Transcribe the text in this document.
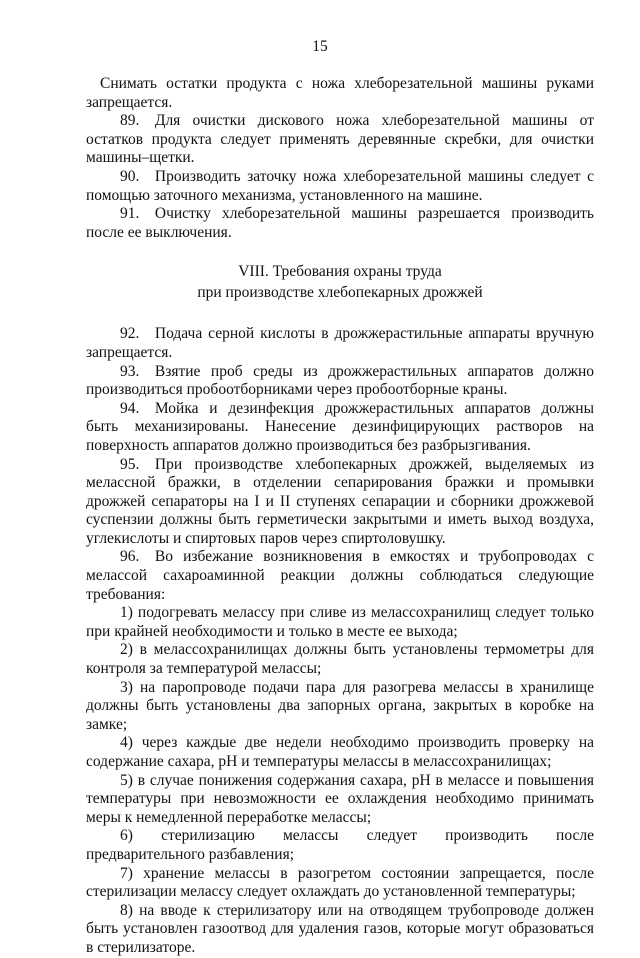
15

Снимать остатки продукта с ножа хлеборезательной машины руками запрещается.

89. Для очистки дискового ножа хлеборезательной машины от остатков продукта следует применять деревянные скребки, для очистки машины–щетки.

90. Производить заточку ножа хлеборезательной машины следует с помощью заточного механизма, установленного на машине.

91. Очистку хлеборезательной машины разрешается производить после ее выключения.

VIII. Требования охраны труда
при производстве хлебопекарных дрожжей

92. Подача серной кислоты в дрожжерастильные аппараты вручную запрещается.

93. Взятие проб среды из дрожжерастильных аппаратов должно производиться пробоотборниками через пробоотборные краны.

94. Мойка и дезинфекция дрожжерастильных аппаратов должны быть механизированы. Нанесение дезинфицирующих растворов на поверхность аппаратов должно производиться без разбрызгивания.

95. При производстве хлебопекарных дрожжей, выделяемых из мелассной бражки, в отделении сепарирования бражки и промывки дрожжей сепараторы на I и II ступенях сепарации и сборники дрожжевой суспензии должны быть герметически закрытыми и иметь выход воздуха, углекислоты и спиртовых паров через спиртоловушку.

96. Во избежание возникновения в емкостях и трубопроводах с мелассой сахароаминной реакции должны соблюдаться следующие требования:

1) подогревать мелассу при сливе из мелассохранилищ следует только при крайней необходимости и только в месте ее выхода;

2) в мелассохранилищах должны быть установлены термометры для контроля за температурой мелассы;

3) на паропроводе подачи пара для разогрева мелассы в хранилище должны быть установлены два запорных органа, закрытых в коробке на замке;

4) через каждые две недели необходимо производить проверку на содержание сахара, pH и температуры мелассы в мелассохранилищах;

5) в случае понижения содержания сахара, pH в мелассе и повышения температуры при невозможности ее охлаждения необходимо принимать меры к немедленной переработке мелассы;

6) стерилизацию мелассы следует производить после предварительного разбавления;

7) хранение мелассы в разогретом состоянии запрещается, после стерилизации мелассу следует охлаждать до установленной температуры;

8) на вводе к стерилизатору или на отводящем трубопроводе должен быть установлен газоотвод для удаления газов, которые могут образоваться в стерилизаторе.
